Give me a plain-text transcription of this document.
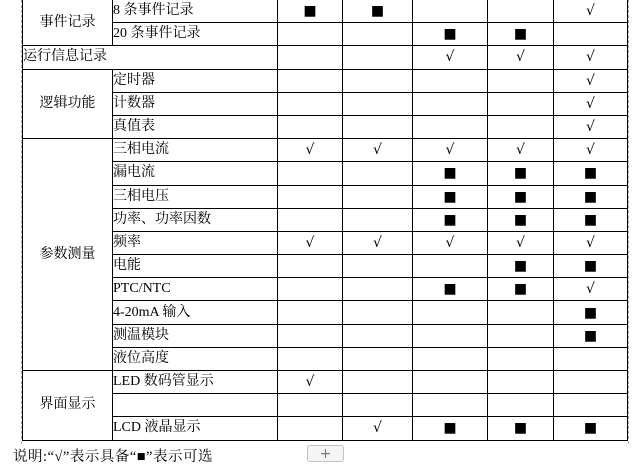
事件记录	8 条事件记录	■	■			√
	20 条事件记录			■	■	
运行信息记录				√	√	√
逻辑功能	定时器					√
	计数器					√
	真值表					√
参数测量	三相电流	√	√	√	√	√
	漏电流			■	■	■
	三相电压			■	■	■
	功率、功率因数			■	■	■
	频率	√	√	√	√	√
	电能				■	■
	PTC/NTC			■	■	√
	4-20mA 输入					■
	测温模块					■
	液位高度					
界面显示	LED 数码管显示	√				

	LCD 液晶显示		√	■	■	■
说明:“√”表示具备“■”表示可选	+
